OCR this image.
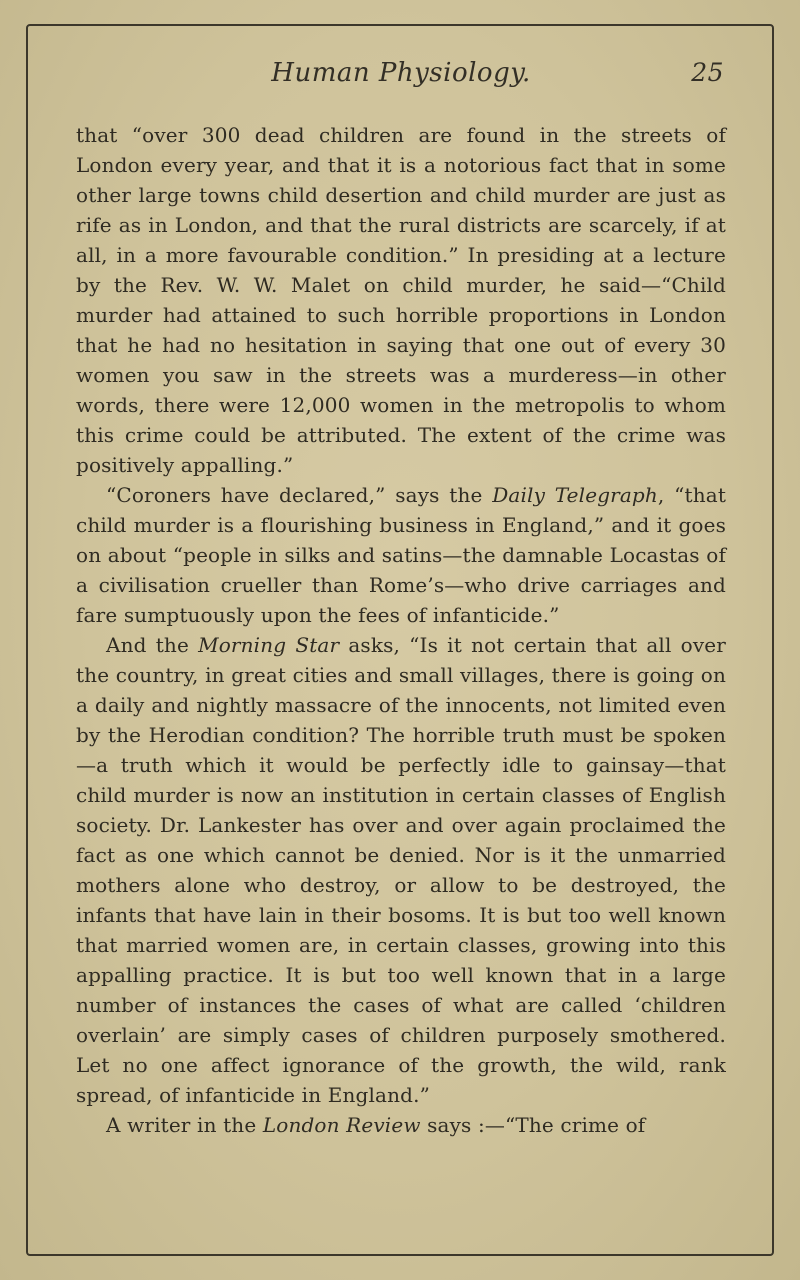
Human Physiology.	25

that “over 300 dead children are found in the streets of London every year, and that it is a notorious fact that in some other large towns child desertion and child murder are just as rife as in London, and that the rural districts are scarcely, if at all, in a more favourable condition.” In presiding at a lecture by the Rev. W. W. Malet on child murder, he said—“Child murder had attained to such horrible proportions in London that he had no hesitation in saying that one out of every 30 women you saw in the streets was a murderess—in other words, there were 12,000 women in the metropolis to whom this crime could be attributed. The extent of the crime was positively appalling.”

“Coroners have declared,” says the Daily Telegraph, “that child murder is a flourishing business in England,” and it goes on about “people in silks and satins—the damnable Locastas of a civilisation crueller than Rome’s—who drive carriages and fare sumptuously upon the fees of infanticide.”

And the Morning Star asks, “Is it not certain that all over the country, in great cities and small villages, there is going on a daily and nightly massacre of the innocents, not limited even by the Herodian condition? The horrible truth must be spoken—a truth which it would be perfectly idle to gainsay—that child murder is now an institution in certain classes of English society. Dr. Lankester has over and over again proclaimed the fact as one which cannot be denied. Nor is it the unmarried mothers alone who destroy, or allow to be destroyed, the infants that have lain in their bosoms. It is but too well known that married women are, in certain classes, growing into this appalling practice. It is but too well known that in a large number of instances the cases of what are called ‘children overlain’ are simply cases of children purposely smothered. Let no one affect ignorance of the growth, the wild, rank spread, of infanticide in England.”

A writer in the London Review says :—“The crime of
